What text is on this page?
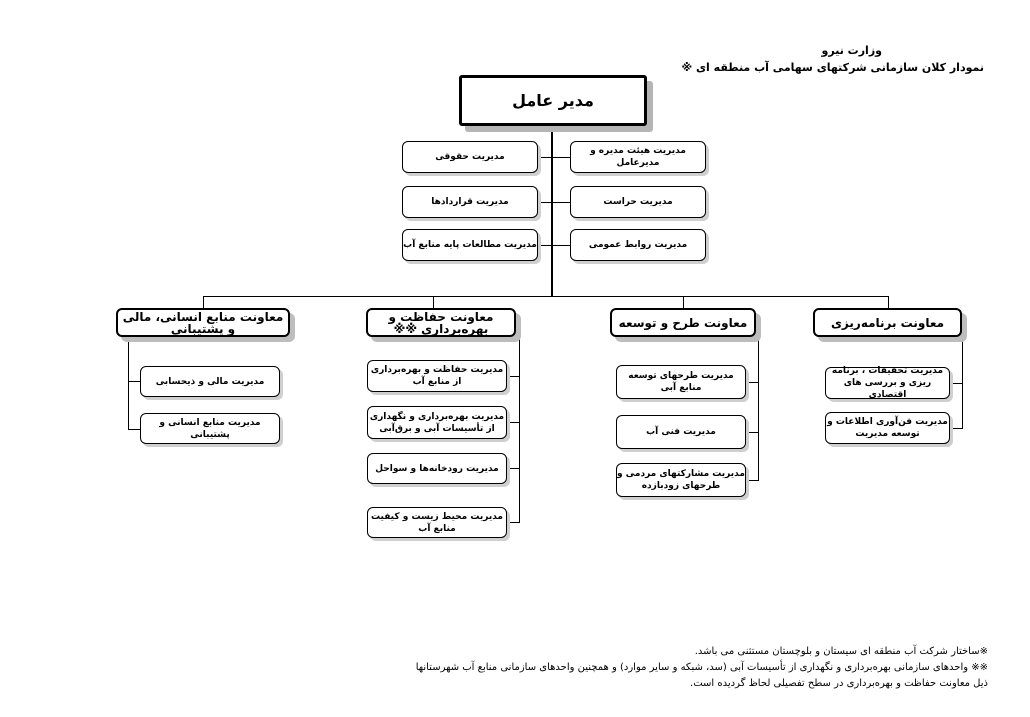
وزارت نیرو
نمودار کلان سازمانی شرکتهای سهامی آب منطقه ای ※
مدیر عامل
مدیریت حقوقی
مدیریت قراردادها
مدیریت مطالعات پایه منابع آب
مدیریت هیئت مدیره و مدیرعامل
مدیریت حراست
مدیریت روابط عمومی
معاونت برنامه‌ریزی
معاونت طرح و توسعه
معاونت حفاظت و بهره‌برداری ※※
معاونت منابع انسانی، مالی و پشتیبانی
مدیریت تحقیقات ، برنامه ریزی و بررسی های اقتصادی
مدیریت فن‌آوری اطلاعات و توسعه مدیریت
مدیریت طرحهای توسعه منابع آبی
مدیریت فنی آب
مدیریت مشارکتهای مردمی و طرحهای زودبازده
مدیریت حفاظت و بهره‌برداری از منابع آب
مدیریت بهره‌برداری و نگهداری از تأسیسات آبی و برق‌آبی
مدیریت رودخانه‌ها و سواحل
مدیریت محیط زیست و کیفیت منابع آب
مدیریت مالی و ذیحسابی
مدیریت منابع انسانی و پشتیبانی
※ساختار شرکت آب منطقه ای سیستان و بلوچستان مستثنی می باشد.
※※ واحدهای سازمانی بهره‌برداری و نگهداری از تأسیسات آبی (سد، شبکه و سایر موارد) و همچنین واحدهای سازمانی منابع آب شهرستانها
ذیل معاونت حفاظت و بهره‌برداری در سطح تفصیلی لحاظ گردیده است.
